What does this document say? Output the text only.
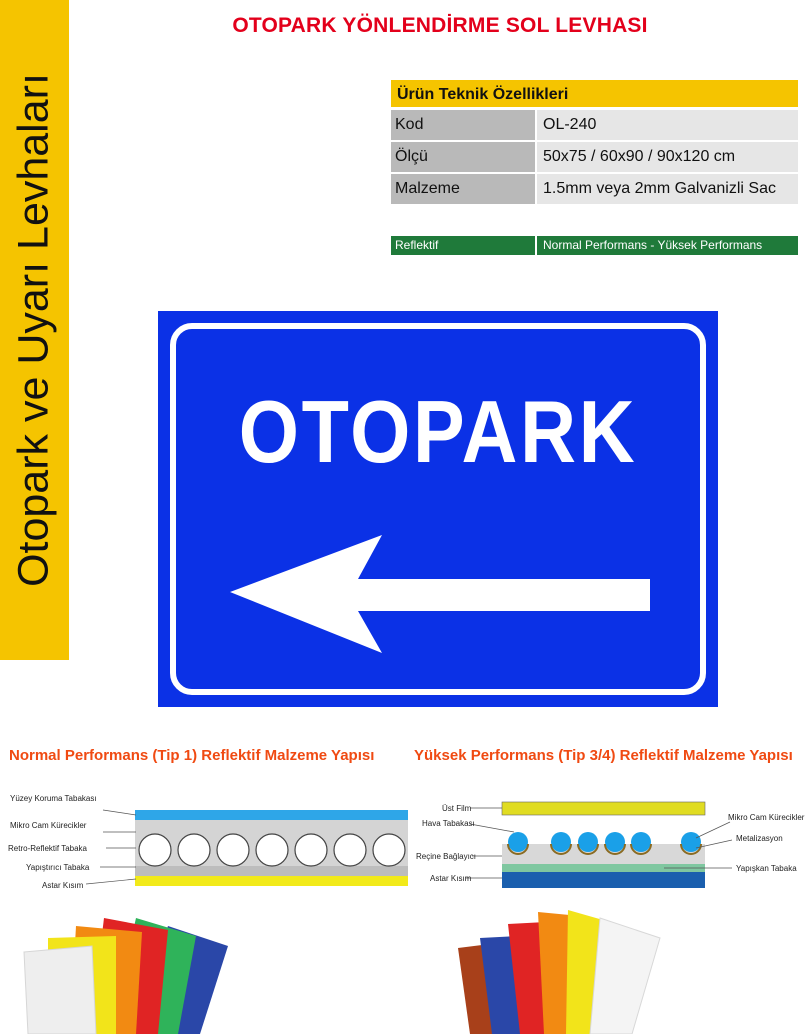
Otopark ve Uyarı Levhaları
OTOPARK YÖNLENDİRME SOL LEVHASI
Ürün Teknik Özellikleri
Kod	OL-240
Ölçü	50x75 / 60x90 / 90x120 cm
Malzeme	1.5mm veya 2mm Galvanizli Sac
Reflektif	Normal Performans - Yüksek Performans
OTOPARK
Normal Performans (Tip 1) Reflektif Malzeme Yapısı	Yüksek Performans (Tip 3/4) Reflektif Malzeme Yapısı
Yüzey Koruma Tabakası
Mikro Cam Kürecikler
Retro-Reflektif Tabaka
Yapıştırıcı Tabaka
Astar Kısım
Üst Film
Hava Tabakası
Reçine Bağlayıcı
Astar Kısım
Mikro Cam Kürecikler
Metalizasyon
Yapışkan Tabaka
